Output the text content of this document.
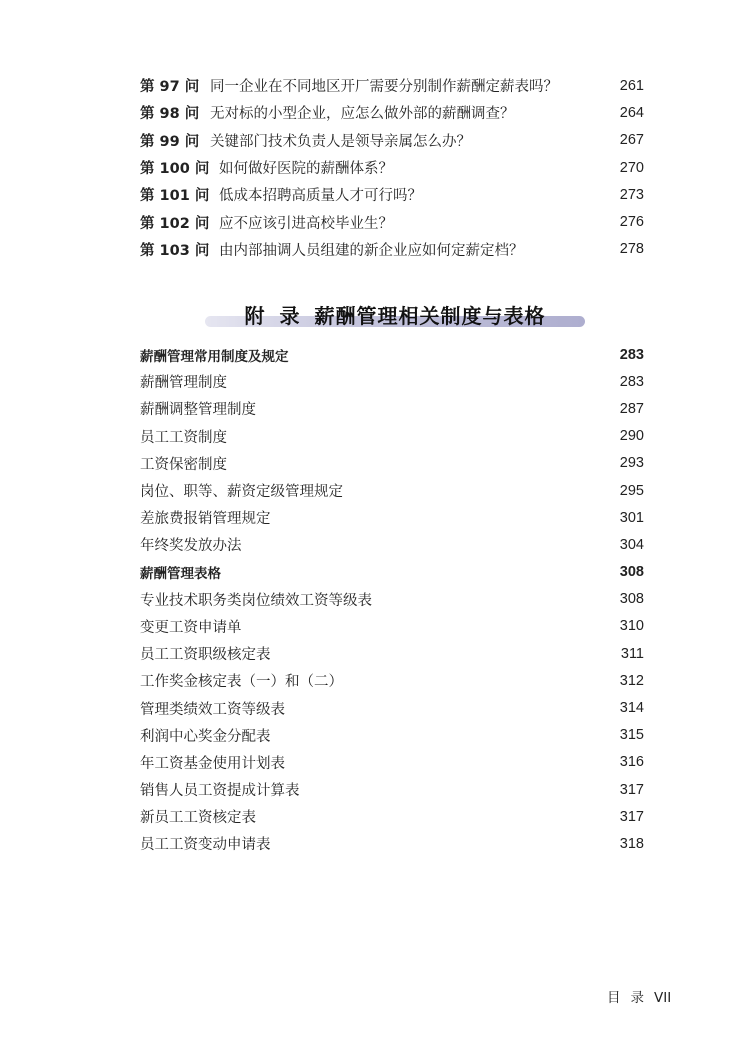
第 97 问 同一企业在不同地区开厂需要分别制作薪酬定薪表吗？	261
第 98 问 无对标的小型企业，应怎么做外部的薪酬调查？	264
第 99 问 关键部门技术负责人是领导亲属怎么办？	267
第 100 问 如何做好医院的薪酬体系？	270
第 101 问 低成本招聘高质量人才可行吗？	273
第 102 问 应不应该引进高校毕业生？	276
第 103 问 由内部抽调人员组建的新企业应如何定薪定档？	278
附 录 薪酬管理相关制度与表格
薪酬管理常用制度及规定	283
薪酬管理制度	283
薪酬调整管理制度	287
员工工资制度	290
工资保密制度	293
岗位、职等、薪资定级管理规定	295
差旅费报销管理规定	301
年终奖发放办法	304
薪酬管理表格	308
专业技术职务类岗位绩效工资等级表	308
变更工资申请单	310
员工工资职级核定表	311
工作奖金核定表（一）和（二）	312
管理类绩效工资等级表	314
利润中心奖金分配表	315
年工资基金使用计划表	316
销售人员工资提成计算表	317
新员工工资核定表	317
员工工资变动申请表	318
目 录 VII
